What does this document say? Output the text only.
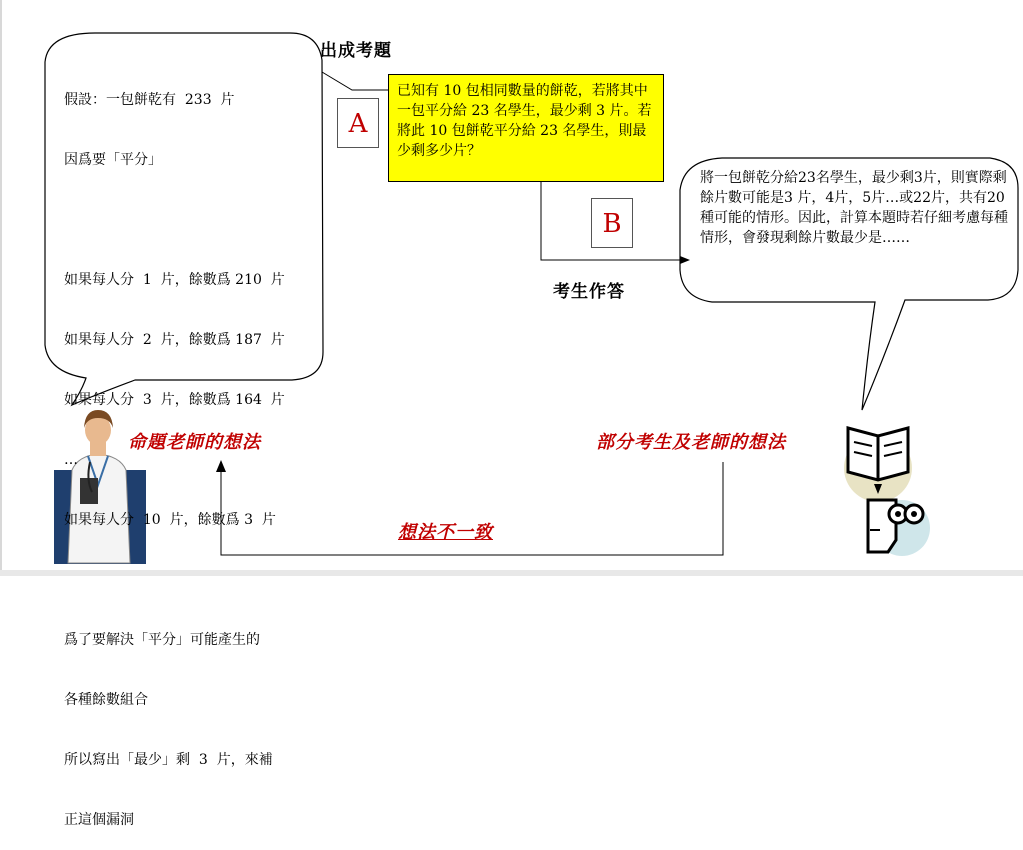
出成考題

假設：一包餅乾有  233  片

因爲要「平分」

如果每人分  1  片，餘數爲 210  片

如果每人分  2  片，餘數爲 187  片

如果每人分  3  片，餘數爲 164  片

…

如果每人分  10  片，餘數爲 3  片

爲了要解決「平分」可能產生的

各種餘數組合

所以寫出「最少」剩  3  片，來補

正這個漏洞

A
已知有 10 包相同數量的餅乾，若將其中一包平分給 23 名學生，最少剩 3 片。若將此 10 包餅乾平分給 23 名學生，則最少剩多少片？
B
考生作答
將一包餅乾分給23名學生，最少剩3片，則實際剩餘片數可能是3 片，4片，5片…或22片，共有20種可能的情形。因此，計算本題時若仔細考慮每種情形，會發現剩餘片數最少是……
命題老師的想法	部分考生及老師的想法
想法不一致
